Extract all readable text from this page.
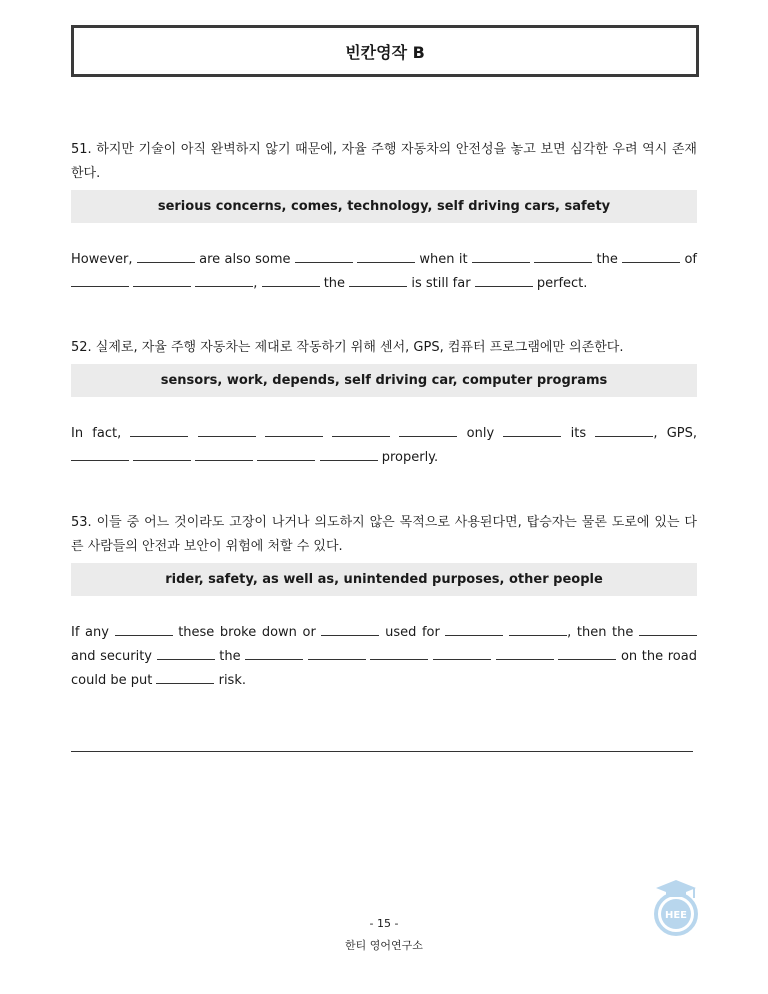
빈칸영작 B

51. 하지만 기술이 아직 완벽하지 않기 때문에, 자율 주행 자동차의 안전성을 놓고 보면 심각한 우려 역시 존재한다.

serious concerns, comes, technology, self driving cars, safety

However,	are also some	when it	the	of   ,	the	is still far	perfect.

52. 실제로, 자율 주행 자동차는 제대로 작동하기 위해 센서, GPS, 컴퓨터 프로그램에만 의존한다.

sensors, work, depends, self driving car, computer programs

In fact,	only	its	, GPS,      properly.

53. 이들 중 어느 것이라도 고장이 나거나 의도하지 않은 목적으로 사용된다면, 탑승자는 물론 도로에 있는 다른 사람들의 안전과 보안이 위험에 처할 수 있다.

rider, safety, as well as, unintended purposes, other people

If any	these broke down or	used for	, then the  and security	the	on the road could be put	risk.

- 15 -
한티 영어연구소
HEE
